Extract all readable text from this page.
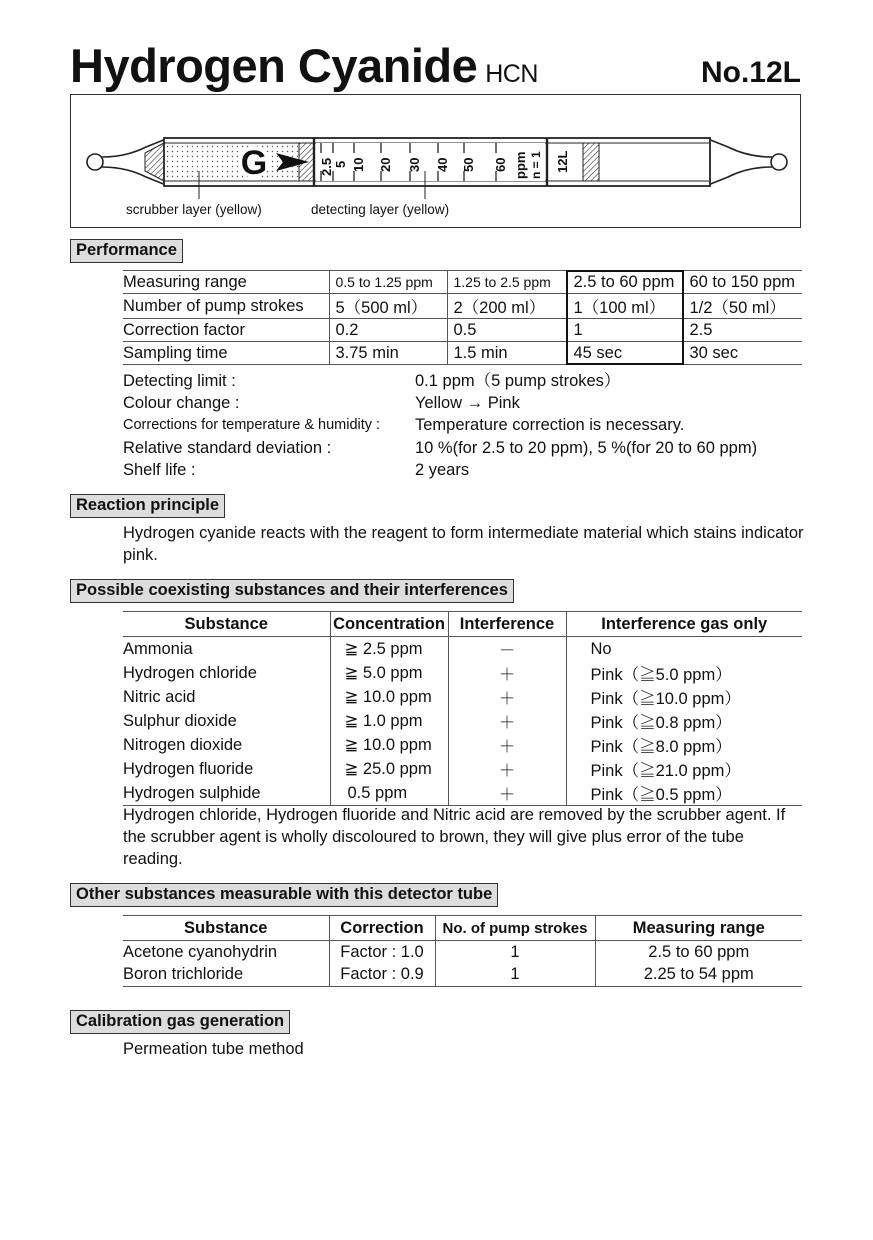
Hydrogen Cyanide HCN	No.12L
G	2.5 5 10 20 30 40 50 60 ppm n = 1 12L
scrubber layer (yellow)	detecting layer (yellow)
Performance
Measuring range	0.5 to 1.25 ppm	1.25 to 2.5 ppm	2.5 to 60 ppm	60 to 150 ppm
Number of pump strokes	5（500 ml）	2（200 ml）	1（100 ml）	1/2（50 ml）
Correction factor	0.2	0.5	1	2.5
Sampling time	3.75 min	1.5 min	45 sec	30 sec
Detecting limit :	0.1 ppm（5 pump strokes）
Colour change :	Yellow → Pink
Corrections for temperature & humidity : Temperature correction is necessary.
Relative standard deviation :	10 %(for 2.5 to 20 ppm), 5 %(for 20 to 60 ppm)
Shelf life :	2 years
Reaction principle
Hydrogen cyanide reacts with the reagent to form intermediate material which stains indicator pink.
Possible coexisting substances and their interferences
Substance	Concentration	Interference	Interference gas only
Ammonia	≧ 2.5 ppm	－	No
Hydrogen chloride	≧ 5.0 ppm	＋	Pink（≧5.0 ppm）
Nitric acid	≧ 10.0 ppm	＋	Pink（≧10.0 ppm）
Sulphur dioxide	≧ 1.0 ppm	＋	Pink（≧0.8 ppm）
Nitrogen dioxide	≧ 10.0 ppm	＋	Pink（≧8.0 ppm）
Hydrogen fluoride	≧ 25.0 ppm	＋	Pink（≧21.0 ppm）
Hydrogen sulphide	0.5 ppm	＋	Pink（≧0.5 ppm）
Hydrogen chloride, Hydrogen fluoride and Nitric acid are removed by the scrubber agent. If the scrubber agent is wholly discoloured to brown, they will give plus error of the tube reading.
Other substances measurable with this detector tube
Substance	Correction	No. of pump strokes	Measuring range
Acetone cyanohydrin	Factor : 1.0	1	2.5 to 60 ppm
Boron trichloride	Factor : 0.9	1	2.25 to 54 ppm
Calibration gas generation
Permeation tube method
